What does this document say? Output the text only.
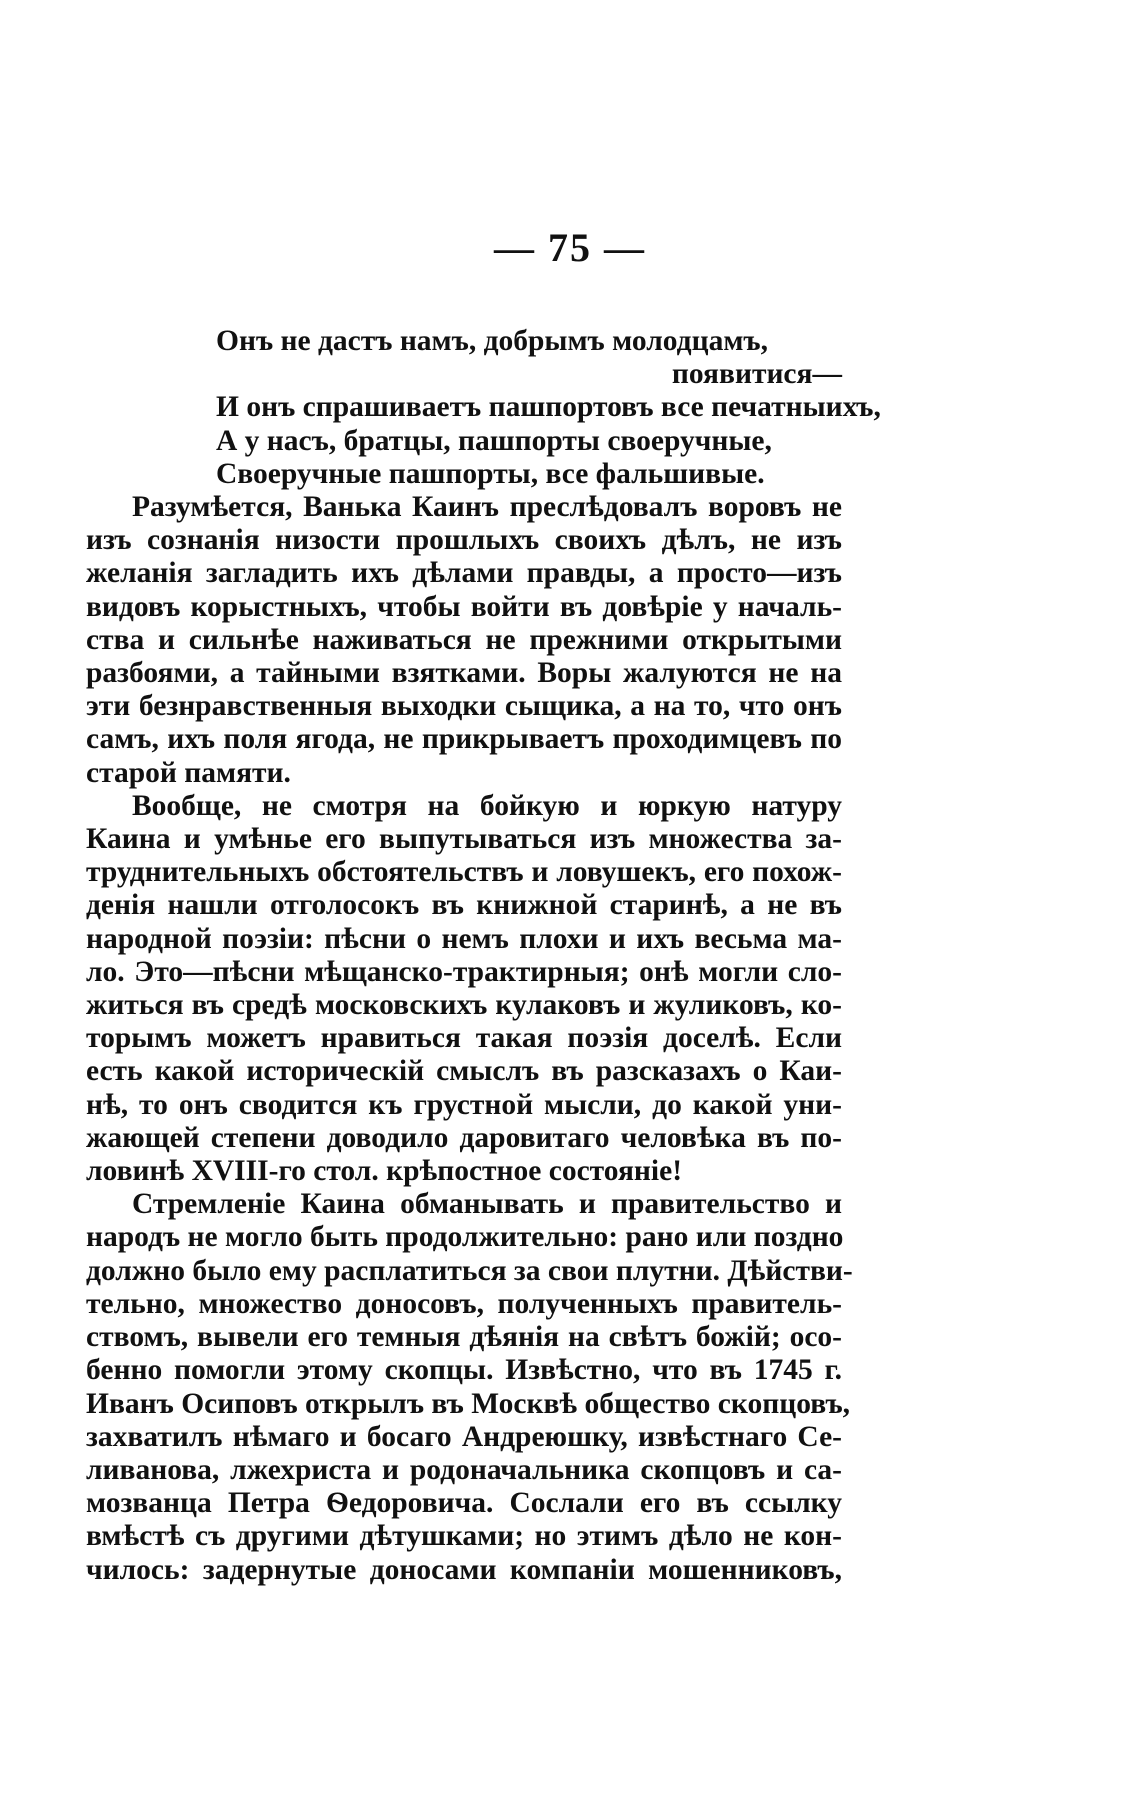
— 75 —
Онъ не дастъ намъ, добрымъ молодцамъ,
появитися—
И онъ спрашиваетъ пашпортовъ все печатныихъ,
А у насъ, братцы, пашпорты своеручные,
Своеручные пашпорты, все фальшивые.
Разумѣется, Ванька Каинъ преслѣдовалъ воровъ не
изъ сознанія низости прошлыхъ своихъ дѣлъ, не изъ
желанія загладить ихъ дѣлами правды, а просто—изъ
видовъ корыстныхъ, чтобы войти въ довѣріе у началь-
ства и сильнѣе наживаться не прежними открытыми
разбоями, а тайными взятками. Воры жалуются не на
эти безнравственныя выходки сыщика, а на то, что онъ
самъ, ихъ поля ягода, не прикрываетъ проходимцевъ по
старой памяти.
Вообще, не смотря на бойкую и юркую натуру
Каина и умѣнье его выпутываться изъ множества за-
труднительныхъ обстоятельствъ и ловушекъ, его похож-
денія нашли отголосокъ въ книжной старинѣ, а не въ
народной поэзіи: пѣсни о немъ плохи и ихъ весьма ма-
ло. Это—пѣсни мѣщанско-трактирныя; онѣ могли сло-
житься въ средѣ московскихъ кулаковъ и жуликовъ, ко-
торымъ можетъ нравиться такая поэзія доселѣ. Если
есть какой историческій смыслъ въ разсказахъ о Каи-
нѣ, то онъ сводится къ грустной мысли, до какой уни-
жающей степени доводило даровитаго человѣка въ по-
ловинѣ XVIII-го стол. крѣпостное состояніе!
Стремленіе Каина обманывать и правительство и
народъ не могло быть продолжительно: рано или поздно
должно было ему расплатиться за свои плутни. Дѣйстви-
тельно, множество доносовъ, полученныхъ правитель-
ствомъ, вывели его темныя дѣянія на свѣтъ божій; осо-
бенно помогли этому скопцы. Извѣстно, что въ 1745 г.
Иванъ Осиповъ открылъ въ Москвѣ общество скопцовъ,
захватилъ нѣмаго и босаго Андреюшку, извѣстнаго Се-
ливанова, лжехриста и родоначальника скопцовъ и са-
мозванца Петра Ѳедоровича. Сослали его въ ссылку
вмѣстѣ съ другими дѣтушками; но этимъ дѣло не кон-
чилось: задернутые доносами компаніи мошенниковъ,
